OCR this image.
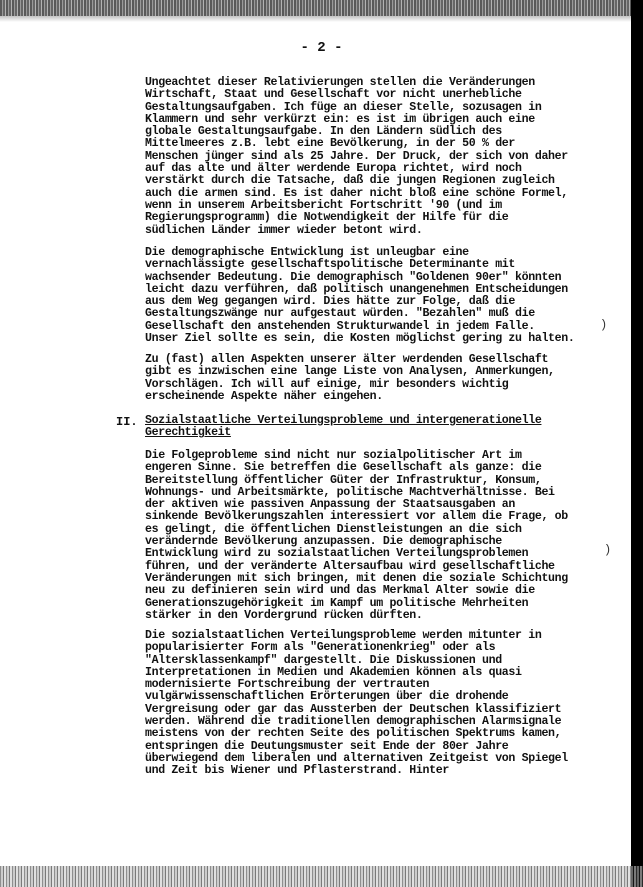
- 2 -

Ungeachtet dieser Relativierungen stellen die Veränderungen
Wirtschaft, Staat und Gesellschaft vor nicht unerhebliche
Gestaltungsaufgaben. Ich füge an dieser Stelle, sozusagen in
Klammern und sehr verkürzt ein: es ist im übrigen auch eine
globale Gestaltungsaufgabe. In den Ländern südlich des
Mittelmeeres z.B. lebt eine Bevölkerung, in der 50 % der
Menschen jünger sind als 25 Jahre. Der Druck, der sich von daher
auf das alte und älter werdende Europa richtet, wird noch
verstärkt durch die Tatsache, daß die jungen Regionen zugleich
auch die armen sind. Es ist daher nicht bloß eine schöne Formel,
wenn in unserem Arbeitsbericht Fortschritt '90 (und im
Regierungsprogramm) die Notwendigkeit der Hilfe für die
südlichen Länder immer wieder betont wird.

Die demographische Entwicklung ist unleugbar eine
vernachlässigte gesellschaftspolitische Determinante mit
wachsender Bedeutung. Die demographisch "Goldenen 90er" könnten
leicht dazu verführen, daß politisch unangenehmen Entscheidungen
aus dem Weg gegangen wird. Dies hätte zur Folge, daß die
Gestaltungszwänge nur aufgestaut würden. "Bezahlen" muß die
Gesellschaft den anstehenden Strukturwandel in jedem Falle.
Unser Ziel sollte es sein, die Kosten möglichst gering zu halten.

Zu (fast) allen Aspekten unserer älter werdenden Gesellschaft
gibt es inzwischen eine lange Liste von Analysen, Anmerkungen,
Vorschlägen. Ich will auf einige, mir besonders wichtig
erscheinende Aspekte näher eingehen.

II. Sozialstaatliche Verteilungsprobleme und intergenerationelle
Gerechtigkeit

Die Folgeprobleme sind nicht nur sozialpolitischer Art im
engeren Sinne. Sie betreffen die Gesellschaft als ganze: die
Bereitstellung öffentlicher Güter der Infrastruktur, Konsum,
Wohnungs- und Arbeitsmärkte, politische Machtverhältnisse. Bei
der aktiven wie passiven Anpassung der Staatsausgaben an
sinkende Bevölkerungszahlen interessiert vor allem die Frage, ob
es gelingt, die öffentlichen Dienstleistungen an die sich
verändernde Bevölkerung anzupassen. Die demographische
Entwicklung wird zu sozialstaatlichen Verteilungsproblemen
führen, und der veränderte Altersaufbau wird gesellschaftliche
Veränderungen mit sich bringen, mit denen die soziale Schichtung
neu zu definieren sein wird und das Merkmal Alter sowie die
Generationszugehörigkeit im Kampf um politische Mehrheiten
stärker in den Vordergrund rücken dürften.

Die sozialstaatlichen Verteilungsprobleme werden mitunter in
popularisierter Form als "Generationenkrieg" oder als
"Altersklassenkampf" dargestellt. Die Diskussionen und
Interpretationen in Medien und Akademien können als quasi
modernisierte Fortschreibung der vertrauten
vulgärwissenschaftlichen Erörterungen über die drohende
Vergreisung oder gar das Aussterben der Deutschen klassifiziert
werden. Während die traditionellen demographischen Alarmsignale
meistens von der rechten Seite des politischen Spektrums kamen,
entspringen die Deutungsmuster seit Ende der 80er Jahre
überwiegend dem liberalen und alternativen Zeitgeist von Spiegel
und Zeit bis Wiener und Pflasterstrand. Hinter

)
)
